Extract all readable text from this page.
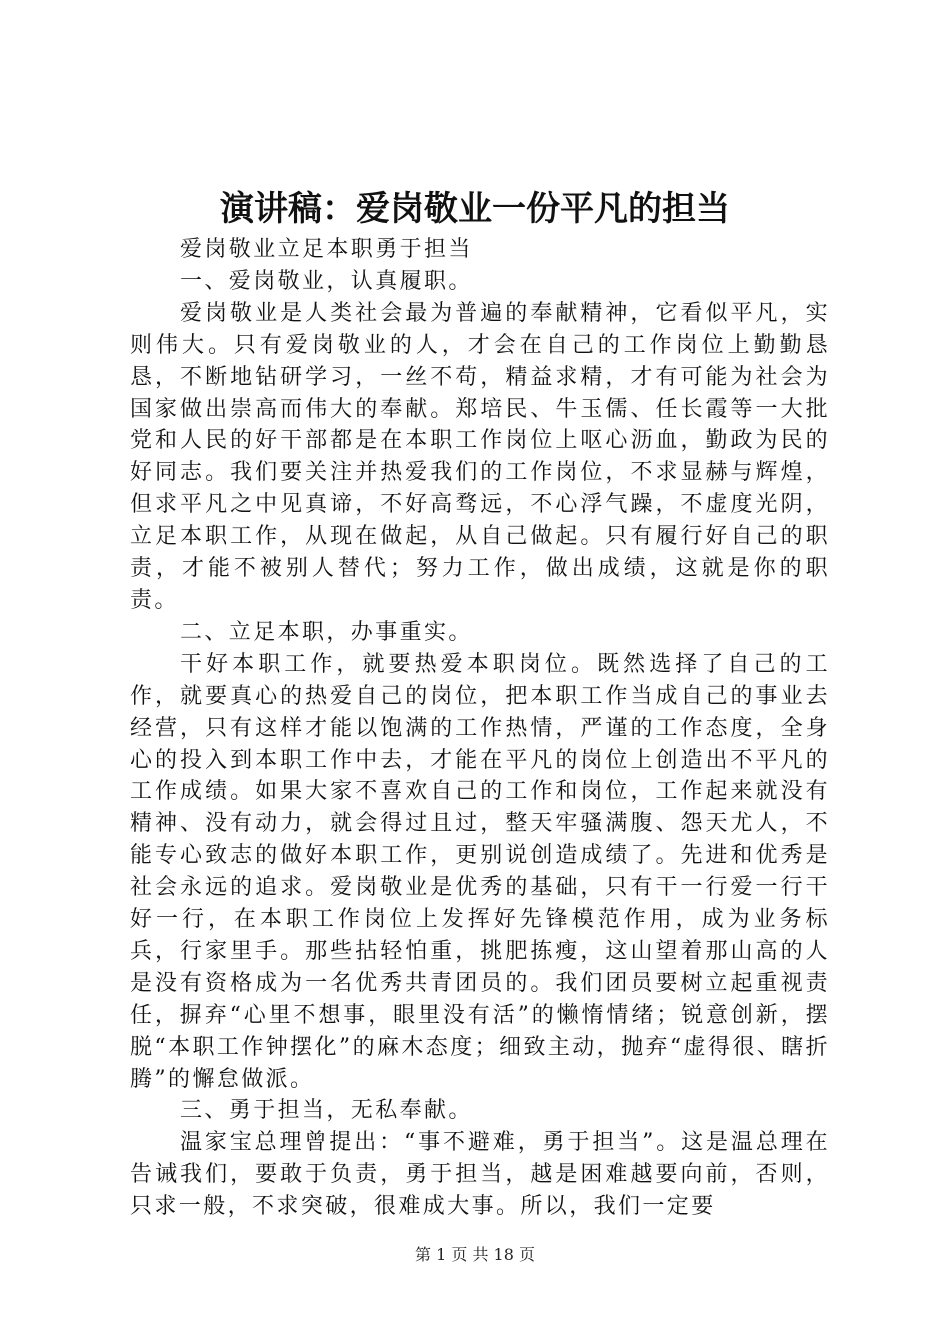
演讲稿：爱岗敬业一份平凡的担当

爱岗敬业立足本职勇于担当

一、爱岗敬业，认真履职。

爱岗敬业是人类社会最为普遍的奉献精神，它看似平凡，实则伟大。只有爱岗敬业的人，才会在自己的工作岗位上勤勤恳恳，不断地钻研学习，一丝不苟，精益求精，才有可能为社会为国家做出崇高而伟大的奉献。郑培民、牛玉儒、任长霞等一大批党和人民的好干部都是在本职工作岗位上呕心沥血，勤政为民的好同志。我们要关注并热爱我们的工作岗位，不求显赫与辉煌，但求平凡之中见真谛，不好高骛远，不心浮气躁，不虚度光阴，立足本职工作，从现在做起，从自己做起。只有履行好自己的职责，才能不被别人替代；努力工作，做出成绩，这就是你的职责。

二、立足本职，办事重实。

干好本职工作，就要热爱本职岗位。既然选择了自己的工作，就要真心的热爱自己的岗位，把本职工作当成自己的事业去经营，只有这样才能以饱满的工作热情，严谨的工作态度，全身心的投入到本职工作中去，才能在平凡的岗位上创造出不平凡的工作成绩。如果大家不喜欢自己的工作和岗位，工作起来就没有精神、没有动力，就会得过且过，整天牢骚满腹、怨天尤人，不能专心致志的做好本职工作，更别说创造成绩了。先进和优秀是社会永远的追求。爱岗敬业是优秀的基础，只有干一行爱一行干好一行，在本职工作岗位上发挥好先锋模范作用，成为业务标兵，行家里手。那些拈轻怕重，挑肥拣瘦，这山望着那山高的人是没有资格成为一名优秀共青团员的。我们团员要树立起重视责任，摒弃“心里不想事，眼里没有活”的懒惰情绪；锐意创新，摆脱“本职工作钟摆化”的麻木态度；细致主动，抛弃“虚得很、瞎折腾”的懈怠做派。

三、勇于担当，无私奉献。

温家宝总理曾提出：“事不避难，勇于担当”。这是温总理在告诫我们，要敢于负责，勇于担当，越是困难越要向前，否则，只求一般，不求突破，很难成大事。所以，我们一定要

第 1 页 共 18 页
